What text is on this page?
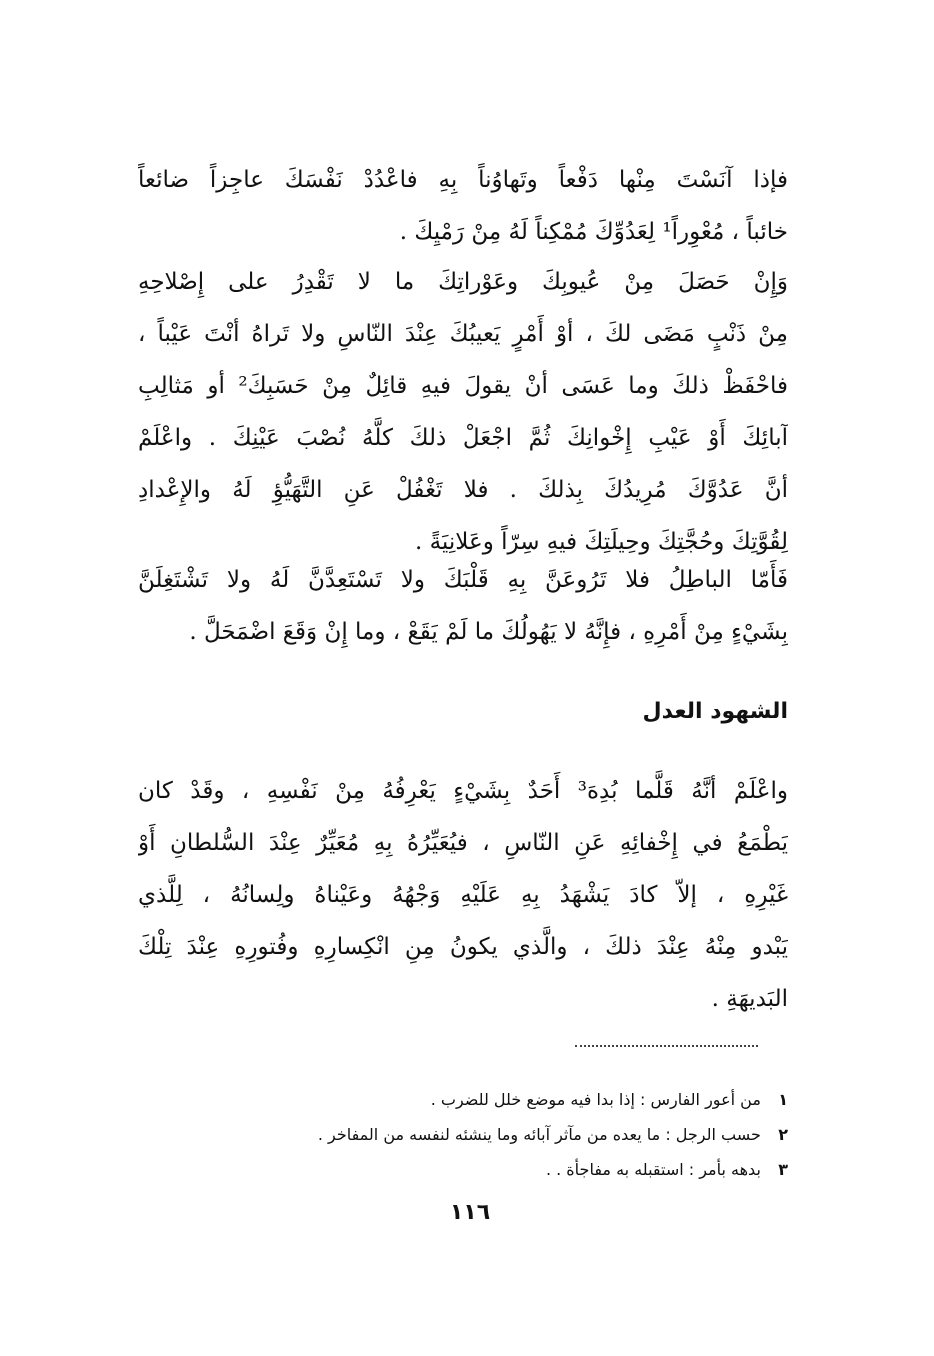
فإذا آنَسْتَ مِنْها دَفْعاً وتَهاوُناً بِهِ فاعْدُدْ نَفْسَكَ عاجِزاً ضائعاً
خائباً ، مُعْوِراً¹ لِعَدُوِّكَ مُمْكِناً لَهُ مِنْ رَمْيِكَ .
وَإِنْ حَصَلَ مِنْ عُيوبِكَ وعَوْراتِكَ ما لا تَقْدِرُ على إِصْلاحِهِ
مِنْ ذَنْبٍ مَضَى لكَ ، أوْ أَمْرٍ يَعيبُكَ عِنْدَ النّاسِ ولا تَراهُ أنْتَ عَيْباً ،
فاحْفَظْ ذلكَ وما عَسَى أنْ يقولَ فيهِ قائِلٌ مِنْ حَسَبِكَ² أو مَثالِبِ
آبائِكَ أَوْ عَيْبِ إِخْوانِكَ ثُمَّ اجْعَلْ ذلكَ كلَّهُ نُصْبَ عَيْنِكَ . واعْلَمْ
أنَّ عَدُوَّكَ مُرِيدُكَ بِذلكَ . فلا تَغْفُلْ عَنِ التَّهَيُّؤِ لَهُ والإِعْدادِ
لِقُوَّتِكَ وحُجَّتِكَ وحِيلَتِكَ فيهِ سِرّاً وعَلانِيَةً .
فَأَمّا الباطِلُ فلا تَرُوعَنَّ بِهِ قَلْبَكَ ولا تَسْتَعِدَّنَّ لَهُ ولا تَشْتَغِلَنَّ
بِشَيْءٍ مِنْ أَمْرِهِ ، فإِنَّهُ لا يَهُولُكَ ما لَمْ يَقَعْ ، وما إِنْ وَقَعَ اضْمَحَلَّ .
الشهود العدل
واعْلَمْ أنَّهُ قَلَّما بُدِهَ³ أَحَدٌ بِشَيْءٍ يَعْرِفُهُ مِنْ نَفْسِهِ ، وقَدْ كان
يَطْمَعُ في إِخْفائِهِ عَنِ النّاسِ ، فيُعَيِّرُهُ بِهِ مُعَيِّرٌ عِنْدَ السُّلطانِ أَوْ
غَيْرِهِ ، إلاّ كادَ يَشْهَدُ بِهِ عَلَيْهِ وَجْهُهُ وعَيْناهُ ولِسانُهُ ، لِلَّذي
يَبْدو مِنْهُ عِنْدَ ذلكَ ، والَّذي يكونُ مِنِ انْكِسارِهِ وفُتورِهِ عِنْدَ تِلْكَ
البَديهَةِ .
١ من أعور الفارس : إذا بدا فيه موضع خلل للضرب .
٢ حسب الرجل : ما يعده من مآثر آبائه وما ينشئه لنفسه من المفاخر .
٣ بدهه بأمر : استقبله به مفاجأة . .
١١٦
